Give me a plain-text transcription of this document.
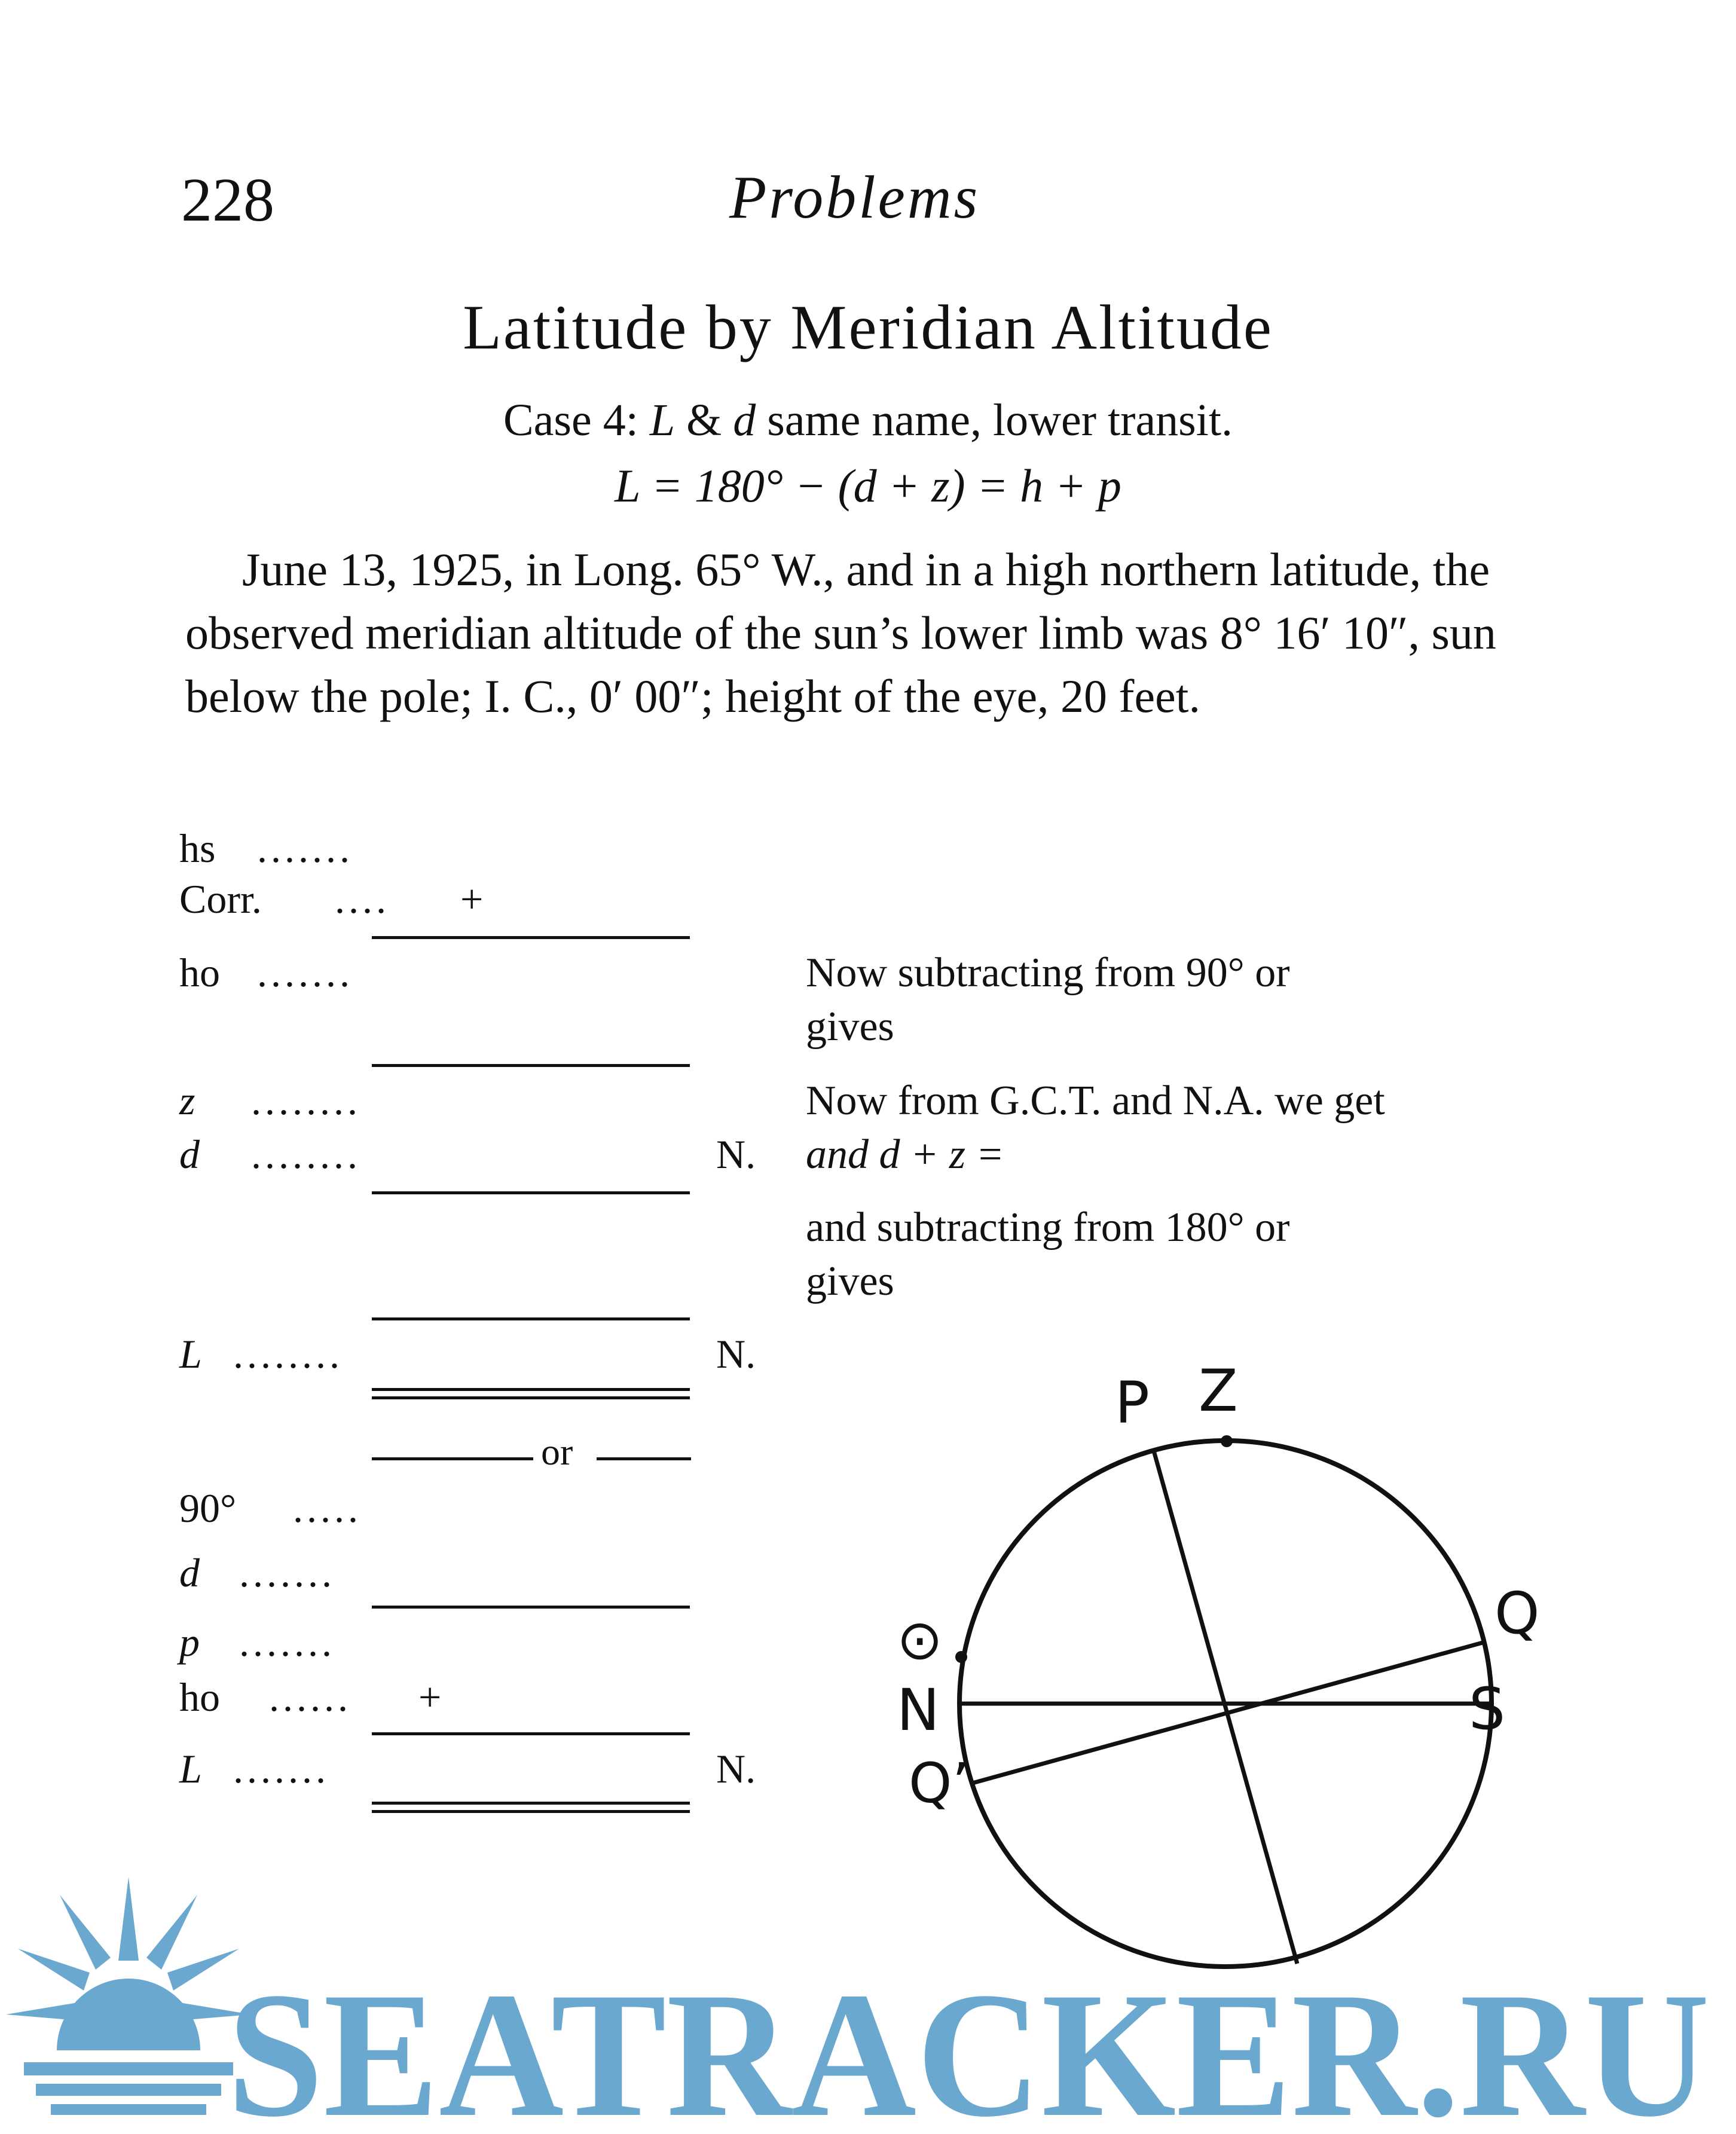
228	Problems
Latitude by Meridian Altitude
Case 4: L & d same name, lower transit.
L = 180° − (d + z) = h + p
June 13, 1925, in Long. 65° W., and in a high northern latitude, the observed meridian altitude of the sun’s lower limb was 8° 16′ 10″, sun below the pole; I. C., 0′ 00″; height of the eye, 20 feet.
hs .......
Corr. .... +
ho .......
z ........
d ........	N.
L ........	N.
or
90° .....
d .......
p .......
ho ...... +
L .......	N.
Now subtracting from 90° or
gives
Now from G.C.T. and N.A. we get
and d + z =
and subtracting from 180° or
gives
P Z
Q
S
N
Q’
⊙
SEATRACKER.RU
